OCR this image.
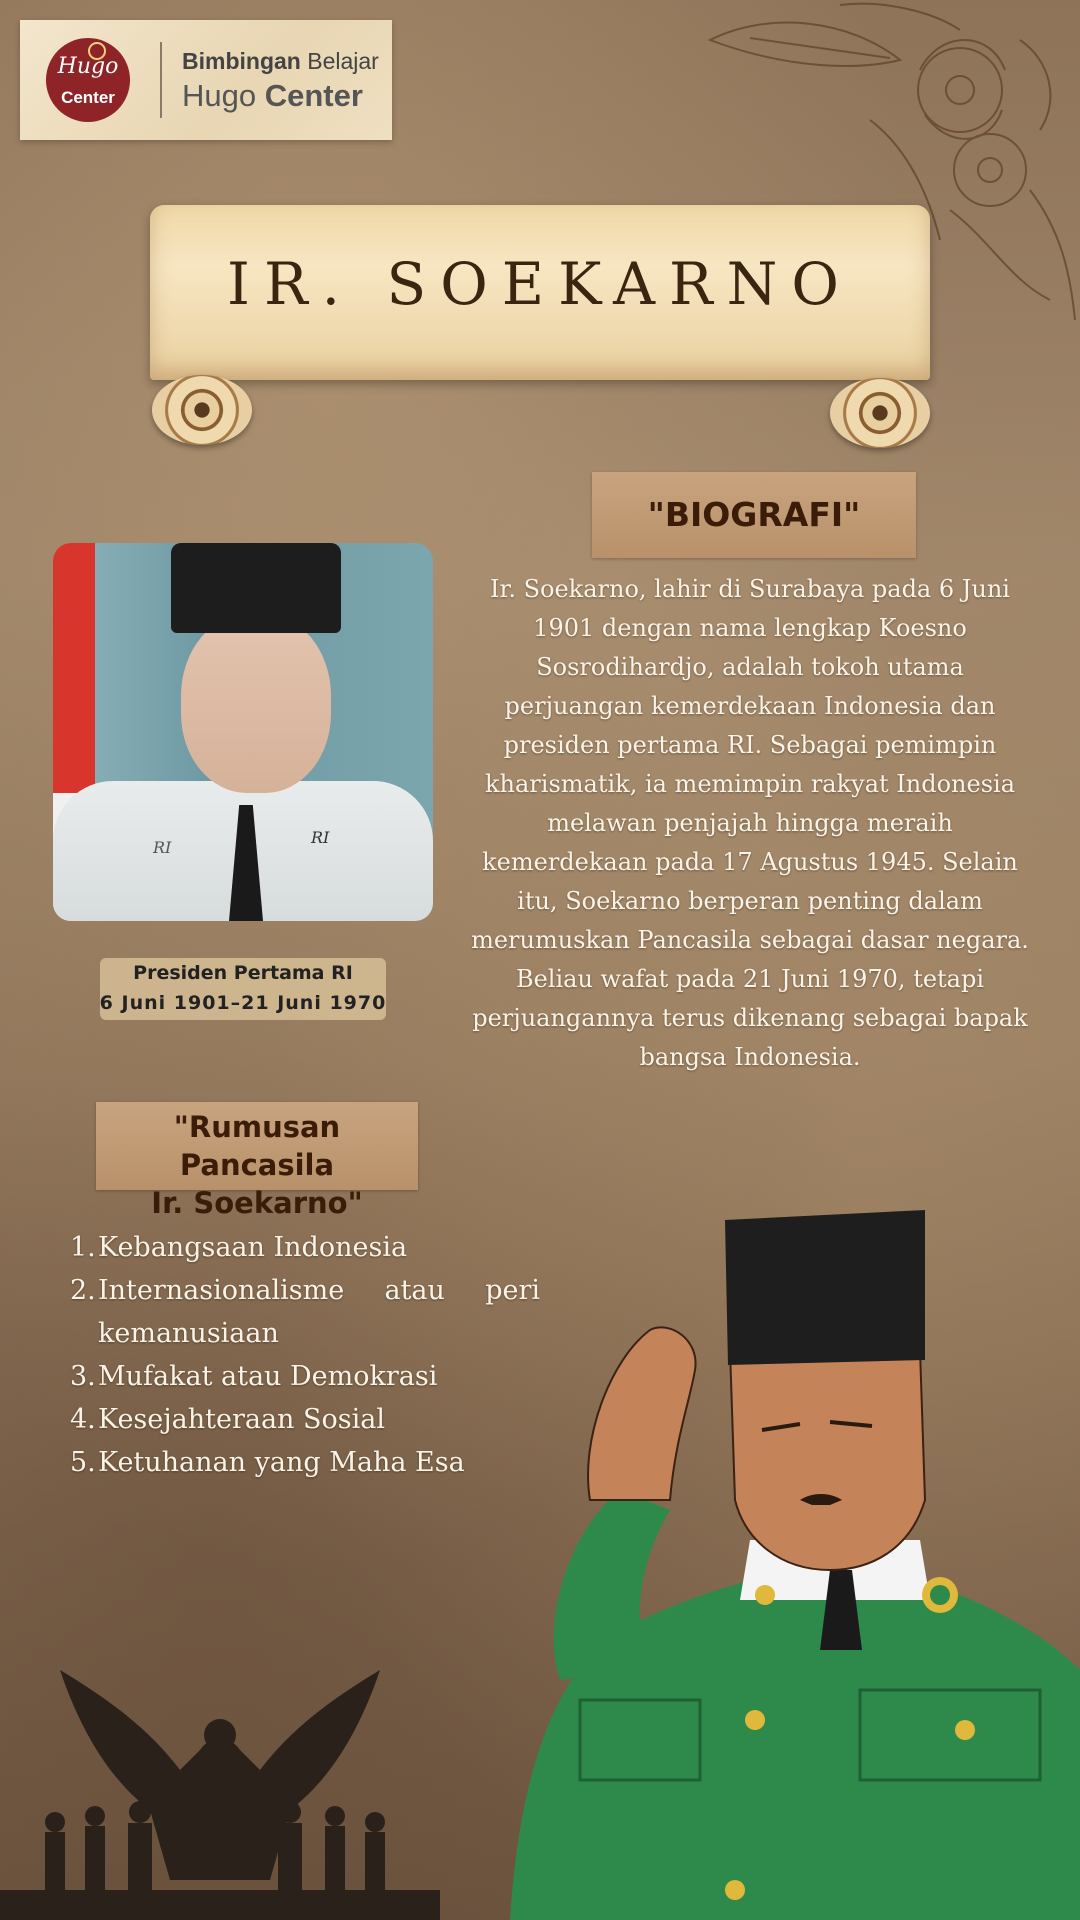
Hugo
Center
Bimbingan Belajar
Hugo Center
IR. SOEKARNO
"BIOGRAFI"
RI
RI
Presiden Pertama RI
6 Juni 1901–21 Juni 1970
Ir. Soekarno, lahir di Surabaya pada 6 Juni 1901 dengan nama lengkap Koesno Sosrodihardjo, adalah tokoh utama perjuangan kemerdekaan Indonesia dan presiden pertama RI. Sebagai pemimpin kharismatik, ia memimpin rakyat Indonesia melawan penjajah hingga meraih kemerdekaan pada 17 Agustus 1945. Selain itu, Soekarno berperan penting dalam merumuskan Pancasila sebagai dasar negara. Beliau wafat pada 21 Juni 1970, tetapi perjuangannya terus dikenang sebagai bapak bangsa Indonesia.
"Rumusan Pancasila
Ir. Soekarno"
1. Kebangsaan Indonesia
2. Internasionalisme atau peri kemanusiaan
3. Mufakat atau Demokrasi
4. Kesejahteraan Sosial
5. Ketuhanan yang Maha Esa
